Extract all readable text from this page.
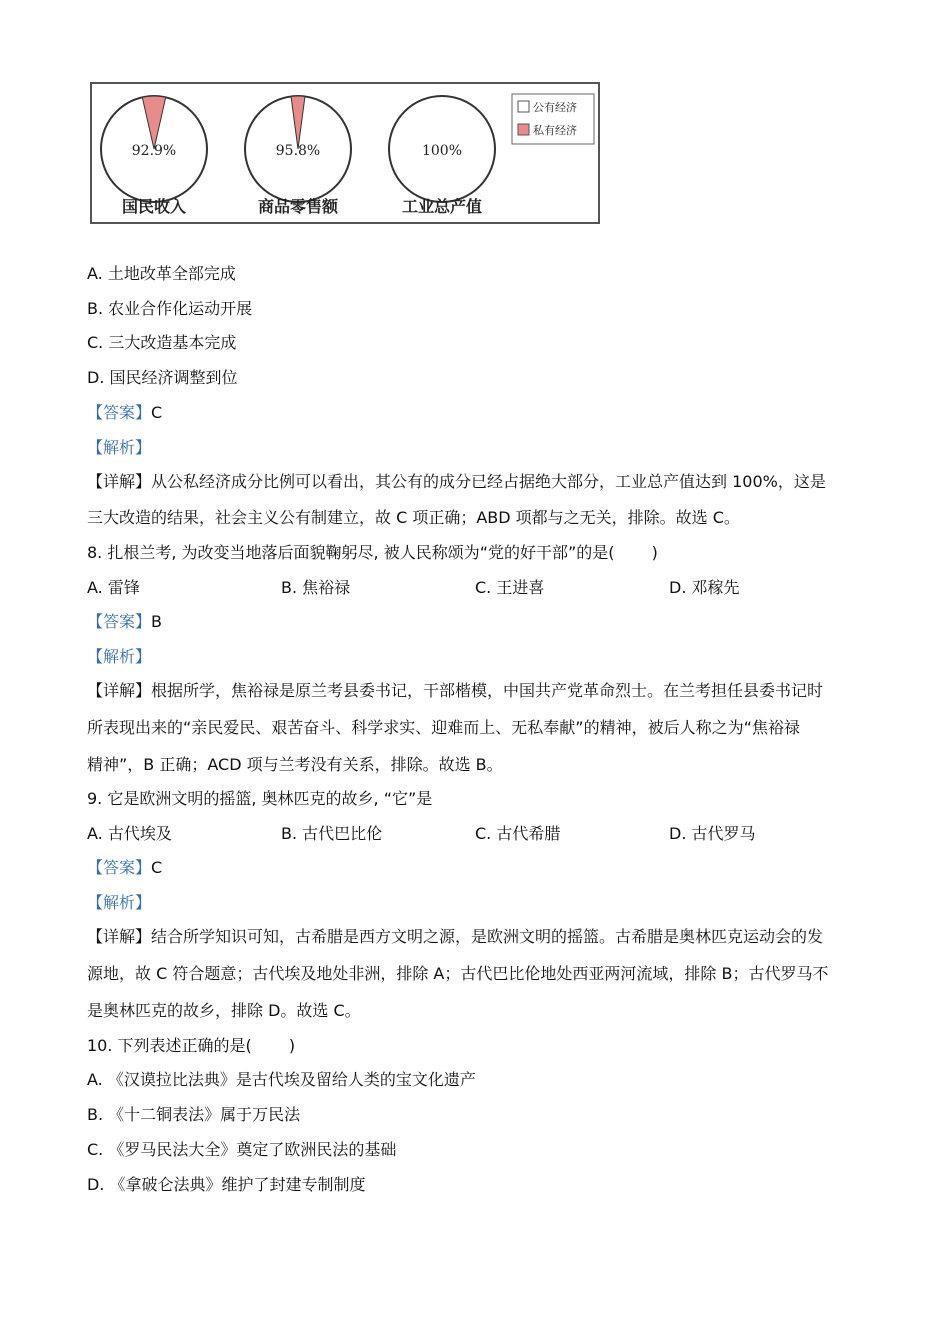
92.9%
国民收入
95.8%
商品零售额
100%
工业总产值
公有经济
私有经济
A. 土地改革全部完成
B. 农业合作化运动开展
C. 三大改造基本完成
D. 国民经济调整到位
【答案】C
【解析】
【详解】从公私经济成分比例可以看出，其公有的成分已经占据绝大部分，工业总产值达到 100%，这是
三大改造的结果，社会主义公有制建立，故 C 项正确；ABD 项都与之无关，排除。故选 C。
8. 扎根兰考, 为改变当地落后面貌鞠躬尽, 被人民称颂为“党的好干部”的是(　　 )
A. 雷锋	B. 焦裕禄	C. 王进喜	D. 邓稼先
【答案】B
【解析】
【详解】根据所学，焦裕禄是原兰考县委书记，干部楷模，中国共产党革命烈士。在兰考担任县委书记时
所表现出来的“亲民爱民、艰苦奋斗、科学求实、迎难而上、无私奉献”的精神，被后人称之为“焦裕禄
精神”，B 正确；ACD 项与兰考没有关系，排除。故选 B。
9. 它是欧洲文明的摇篮, 奥林匹克的故乡, “它”是
A. 古代埃及	B. 古代巴比伦	C. 古代希腊	D. 古代罗马
【答案】C
【解析】
【详解】结合所学知识可知，古希腊是西方文明之源，是欧洲文明的摇篮。古希腊是奥林匹克运动会的发
源地，故 C 符合题意；古代埃及地处非洲，排除 A；古代巴比伦地处西亚两河流域，排除 B；古代罗马不
是奥林匹克的故乡，排除 D。故选 C。
10. 下列表述正确的是(　　 )
A. 《汉谟拉比法典》是古代埃及留给人类的宝文化遗产
B. 《十二铜表法》属于万民法
C. 《罗马民法大全》奠定了欧洲民法的基础
D. 《拿破仑法典》维护了封建专制制度
